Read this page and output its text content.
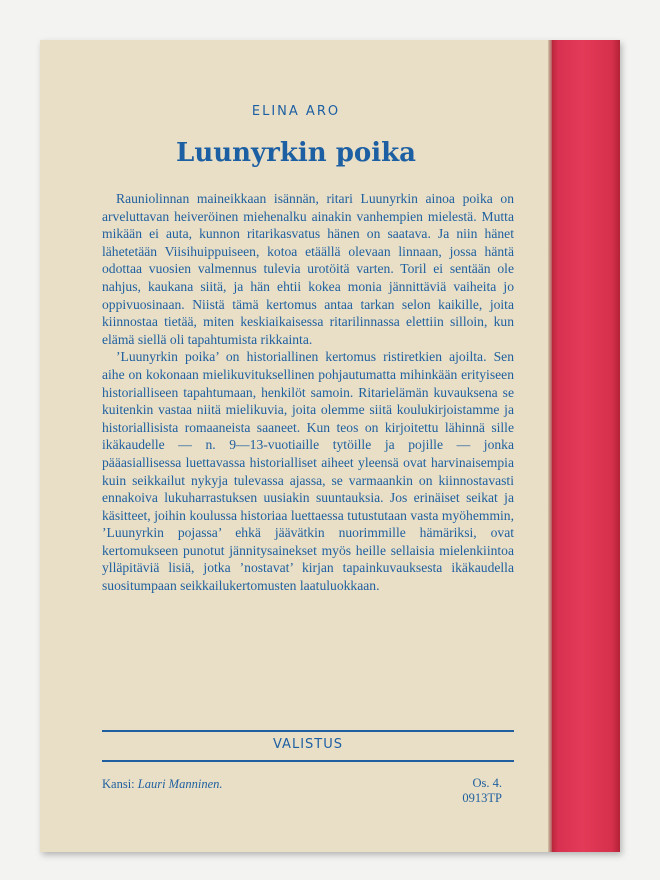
ELINA ARO
Luunyrkin poika

Rauniolinnan maineikkaan isännän, ritari Luunyrkin ainoa poika on arveluttavan heiveröinen miehenalku ainakin vanhempien mielestä. Mutta mikään ei auta, kunnon ritarikasvatus hänen on saatava. Ja niin hänet lähetetään Viisihuippuiseen, kotoa etäällä olevaan linnaan, jossa häntä odottaa vuosien valmennus tulevia urotöitä varten. Toril ei sentään ole nahjus, kaukana siitä, ja hän ehtii kokea monia jännittäviä vaiheita jo oppivuosinaan. Niistä tämä kertomus antaa tarkan selon kaikille, joita kiinnostaa tietää, miten keskiaikaisessa ritarilinnassa elettiin silloin, kun elämä siellä oli tapahtumista rikkainta.

’Luunyrkin poika’ on historiallinen kertomus ristiretkien ajoilta. Sen aihe on kokonaan mielikuvituksellinen pohjautumatta mihinkään erityiseen historialliseen tapahtumaan, henkilöt samoin. Ritarielämän kuvauksena se kuitenkin vastaa niitä mielikuvia, joita olemme siitä koulukirjoistamme ja historiallisista romaaneista saaneet. Kun teos on kirjoitettu lähinnä sille ikäkaudelle — n. 9—13-vuotiaille tytöille ja pojille — jonka pääasiallisessa luettavassa historialliset aiheet yleensä ovat harvinaisempia kuin seikkailut nykyja tulevassa ajassa, se varmaankin on kiinnostavasti ennakoiva lukuharrastuksen uusiakin suuntauksia. Jos erinäiset seikat ja käsitteet, joihin koulussa historiaa luettaessa tutustutaan vasta myöhemmin, ’Luunyrkin pojassa’ ehkä jäävätkin nuorimmille hämäriksi, ovat kertomukseen punotut jännitysainekset myös heille sellaisia mielenkiintoa ylläpitäviä lisiä, jotka ’nostavat’ kirjan tapainkuvauksesta ikäkaudella suositumpaan seikkailukertomusten laatuluokkaan.

VALISTUS
Kansi: Lauri Manninen.	Os. 4.
0913TP
